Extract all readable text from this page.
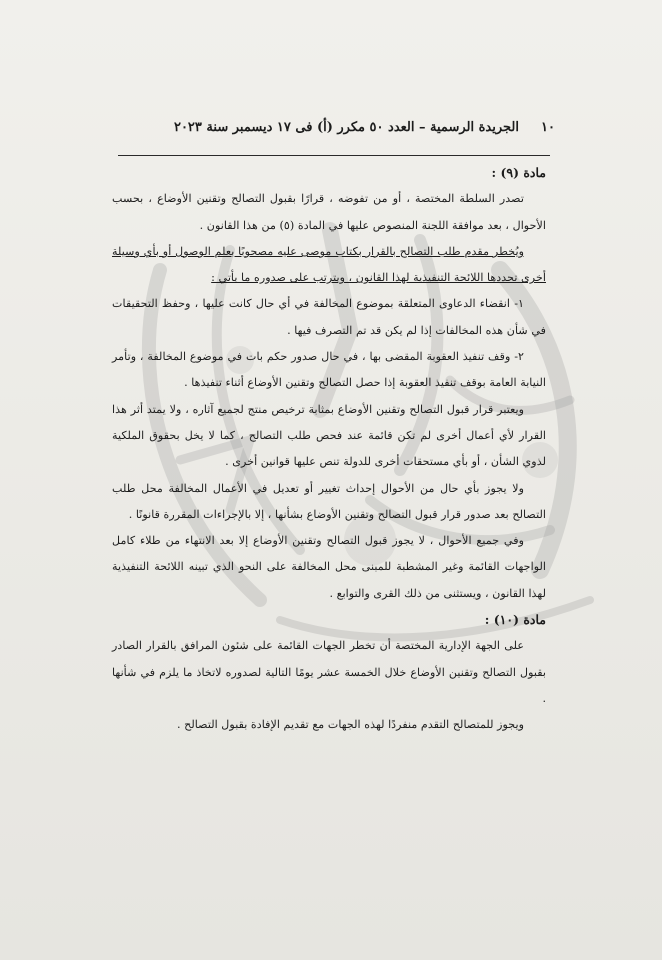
١٠
الجريدة الرسمية – العدد ٥٠ مكرر (أ) فى ١٧ ديسمبر سنة ٢٠٢٣

مادة (٩) :

تصدر السلطة المختصة ، أو من تفوضه ، قرارًا بقبول التصالح وتقنين الأوضاع ، بحسب الأحوال ، بعد موافقة اللجنة المنصوص عليها في المادة (٥) من هذا القانون .

ويُخطر مقدم طلب التصالح بالقرار بكتاب موصى عليه مصحوبًا بعلم الوصول أو بأي وسيلة أخرى تحددها اللائحة التنفيذية لهذا القانون ، ويترتب على صدوره ما يأتي :

١- انقضاء الدعاوى المتعلقة بموضوع المخالفة في أي حال كانت عليها ، وحفظ التحقيقات في شأن هذه المخالفات إذا لم يكن قد تم التصرف فيها .

٢- وقف تنفيذ العقوبة المقضى بها ، في حال صدور حكم بات في موضوع المخالفة ، وتأمر النيابة العامة بوقف تنفيذ العقوبة إذا حصل التصالح وتقنين الأوضاع أثناء تنفيذها .

ويعتبر قرار قبول التصالح وتقنين الأوضاع بمثابة ترخيص منتج لجميع آثاره ، ولا يمتد أثر هذا القرار لأي أعمال أخرى لم تكن قائمة عند فحص طلب التصالح ، كما لا يخل بحقوق الملكية لذوي الشأن ، أو بأي مستحقات أخرى للدولة تنص عليها قوانين أخرى .

ولا يجوز بأي حال من الأحوال إحداث تغيير أو تعديل في الأعمال المخالفة محل طلب التصالح بعد صدور قرار قبول التصالح وتقنين الأوضاع بشأنها ، إلا بالإجراءات المقررة قانونًا .

وفي جميع الأحوال ، لا يجوز قبول التصالح وتقنين الأوضاع إلا بعد الانتهاء من طلاء كامل الواجهات القائمة وغير المشطبة للمبنى محل المخالفة على النحو الذي تبينه اللائحة التنفيذية لهذا القانون ، ويستثنى من ذلك القرى والتوابع .

مادة (١٠) :

على الجهة الإدارية المختصة أن تخطر الجهات القائمة على شئون المرافق بالقرار الصادر بقبول التصالح وتقنين الأوضاع خلال الخمسة عشر يومًا التالية لصدوره لاتخاذ ما يلزم في شأنها .

ويجوز للمتصالح التقدم منفردًا لهذه الجهات مع تقديم الإفادة بقبول التصالح .
